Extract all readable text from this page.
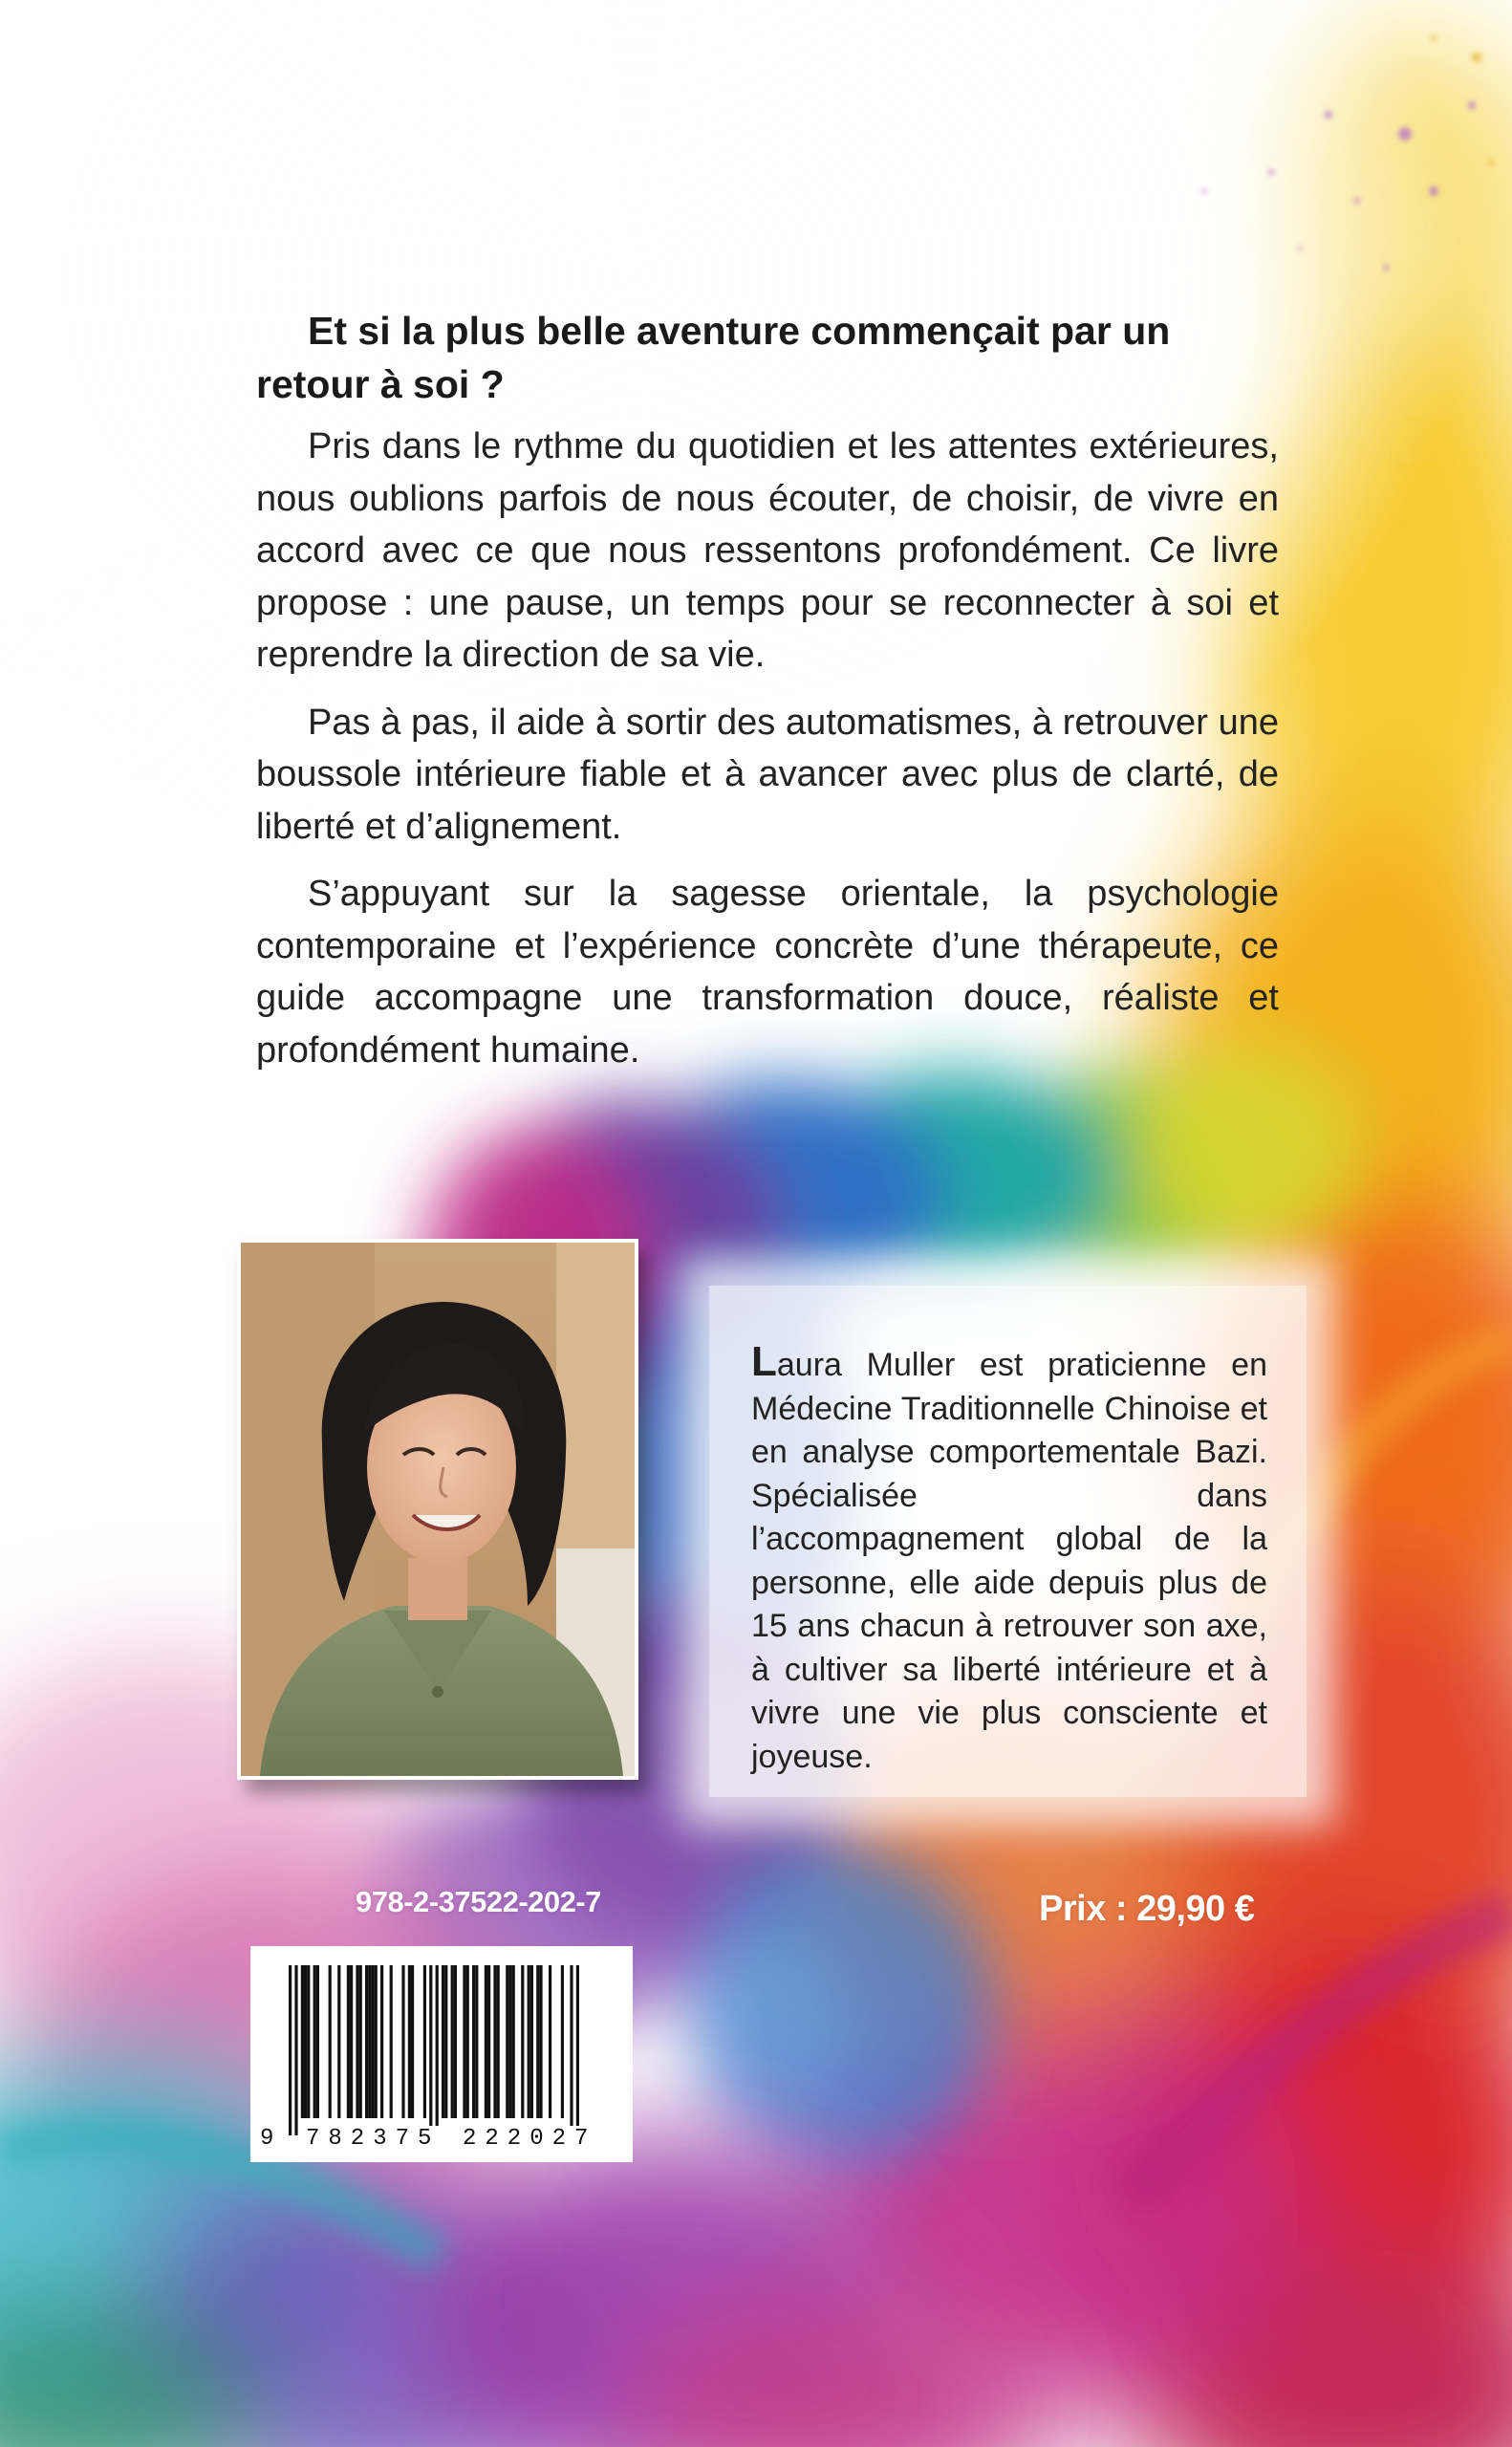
Et si la plus belle aventure commençait par un retour à soi ?

Pris dans le rythme du quotidien et les attentes extérieures, nous oublions parfois de nous écouter, de choisir, de vivre en accord avec ce que nous ressentons profondément. Ce livre propose : une pause, un temps pour se reconnecter à soi et reprendre la direction de sa vie.

Pas à pas, il aide à sortir des automatismes, à retrouver une boussole intérieure fiable et à avancer avec plus de clarté, de liberté et d’alignement.

S’appuyant sur la sagesse orientale, la psychologie contemporaine et l’expérience concrète d’une thérapeute, ce guide accompagne une transformation douce, réaliste et profondément humaine.

Laura Muller est praticienne en Médecine Traditionnelle Chinoise et en analyse comportementale Bazi. Spécialisée dans l’accompagnement global de la personne, elle aide depuis plus de 15 ans chacun à retrouver son axe, à cultiver sa liberté intérieure et à vivre une vie plus consciente et joyeuse.

978-2-37522-202-7	Prix : 29,90 €
9 782375 222027
